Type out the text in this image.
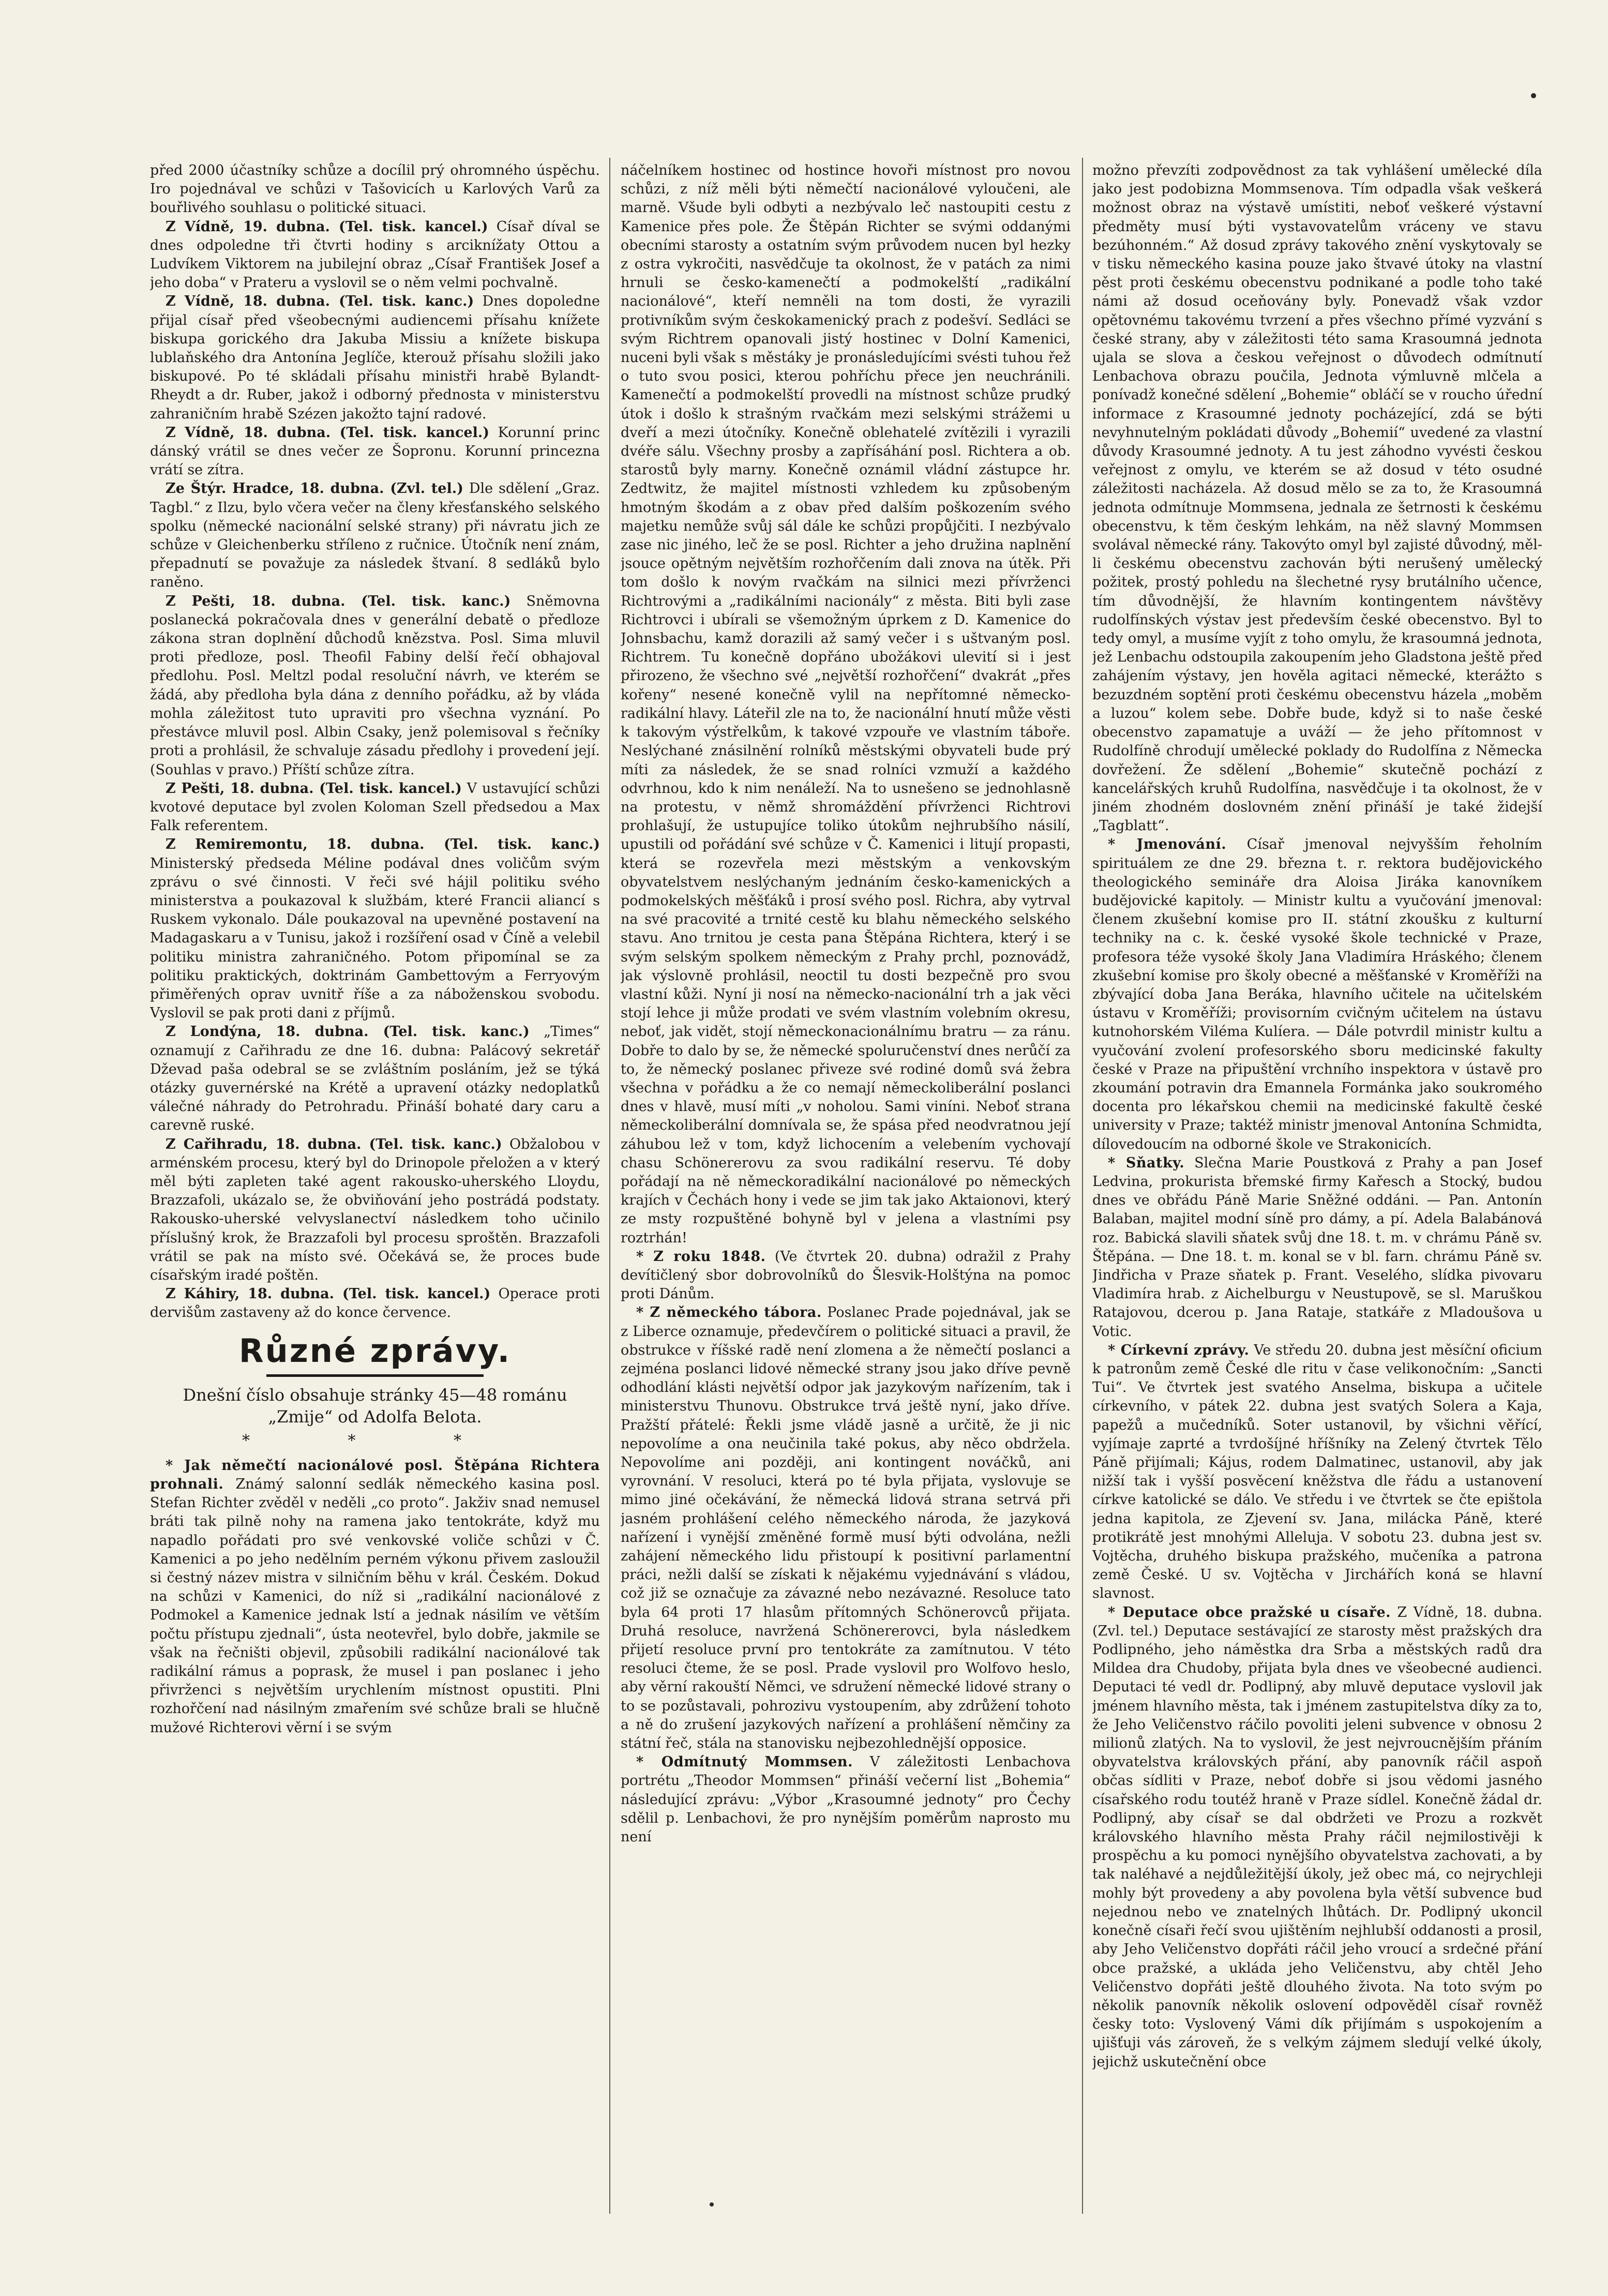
před 2000 účastníky schůze a docílil prý ohromného úspěchu. Iro pojednával ve schůzi v Tašovicích u Karlových Varů za bouřlivého souhlasu o politické situaci.

Z Vídně, 19. dubna. (Tel. tisk. kancel.) Císař díval se dnes odpoledne tři čtvrti hodiny s arciknížaty Ottou a Ludvíkem Viktorem na jubilejní obraz „Císař František Josef a jeho doba“ v Prateru a vyslovil se o něm velmi pochvalně.

Z Vídně, 18. dubna. (Tel. tisk. kanc.) Dnes dopoledne přijal císař před všeobecnými audiencemi přísahu knížete biskupa gorického dra Jakuba Missiu a knížete biskupa lublaňského dra Antonína Jeglíče, kterouž přísahu složili jako biskupové. Po té skládali přísahu ministři hrabě Bylandt-Rheydt a dr. Ruber, jakož i odborný přednosta v ministerstvu zahraničním hrabě Szézen jakožto tajní radové.

Z Vídně, 18. dubna. (Tel. tisk. kancel.) Korunní princ dánský vrátil se dnes večer ze Šopronu. Korunní princezna vrátí se zítra.

Ze Štýr. Hradce, 18. dubna. (Zvl. tel.) Dle sdělení „Graz. Tagbl.“ z Ilzu, bylo včera večer na členy křesťanského selského spolku (německé nacionální selské strany) při návratu jich ze schůze v Gleichenberku stříleno z ručnice. Útočník není znám, přepadnutí se považuje za následek štvaní. 8 sedláků bylo raněno.

Z Pešti, 18. dubna. (Tel. tisk. kanc.) Sněmovna poslanecká pokračovala dnes v generální debatě o předloze zákona stran doplnění důchodů knězstva. Posl. Sima mluvil proti předloze, posl. Theofil Fabiny delší řečí obhajoval předlohu. Posl. Meltzl podal resoluční návrh, ve kterém se žádá, aby předloha byla dána z denního pořádku, až by vláda mohla záležitost tuto upraviti pro všechna vyznání. Po přestávce mluvil posl. Albin Csaky, jenž polemisoval s řečníky proti a prohlásil, že schvaluje zásadu předlohy i provedení její. (Souhlas v pravo.) Příští schůze zítra.

Z Pešti, 18. dubna. (Tel. tisk. kancel.) V ustavující schůzi kvotové deputace byl zvolen Koloman Szell předsedou a Max Falk referentem.

Z Remiremontu, 18. dubna. (Tel. tisk. kanc.) Ministerský předseda Méline podával dnes voličům svým zprávu o své činnosti. V řeči své hájil politiku svého ministerstva a poukazoval k službám, které Francii aliancí s Ruskem vykonalo. Dále poukazoval na upevněné postavení na Madagaskaru a v Tunisu, jakož i rozšíření osad v Číně a velebil politiku ministra zahraničného. Potom připomínal se za politiku praktických, doktrinám Gambettovým a Ferryovým přiměřených oprav uvnitř říše a za náboženskou svobodu. Vyslovil se pak proti dani z příjmů.

Z Londýna, 18. dubna. (Tel. tisk. kanc.) „Times“ oznamují z Cařihradu ze dne 16. dubna: Palácový sekretář Dževad paša odebral se se zvláštním posláním, jež se týká otázky guvernérské na Krétě a upravení otázky nedoplatků válečné náhrady do Petrohradu. Přináší bohaté dary caru a carevně ruské.

Z Cařihradu, 18. dubna. (Tel. tisk. kanc.) Obžalobou v arménském procesu, který byl do Drinopole přeložen a v který měl býti zapleten také agent rakousko-uherského Lloydu, Brazzafoli, ukázalo se, že obviňování jeho postrádá podstaty. Rakousko-uherské velvyslanectví následkem toho učinilo příslušný krok, že Brazzafoli byl procesu sproštěn. Brazzafoli vrátil se pak na místo své. Očekává se, že proces bude císařským iradé poštěn.

Z Káhiry, 18. dubna. (Tel. tisk. kancel.) Operace proti dervišům zastaveny až do konce července.

Různé zprávy.
Dnešní číslo obsahuje stránky 45—48 románu „Zmije“ od Adolfa Belota.
* * *

* Jak němečtí nacionálové posl. Štěpána Richtera prohnali. Známý salonní sedlák německého kasina posl. Stefan Richter zvěděl v neděli „co proto“. Jakživ snad nemusel bráti tak pilně nohy na ramena jako tentokráte, když mu napadlo pořádati pro své venkovské voliče schůzi v Č. Kamenici a po jeho nedělním perném výkonu přivem zasloužil si čestný název mistra v silničním běhu v král. Českém. Dokud na schůzi v Kamenici, do níž si „radikální nacionálové z Podmokel a Kamenice jednak lstí a jednak násilím ve větším počtu přístupu zjednali“, ústa neotevřel, bylo dobře, jakmile se však na řečništi objevil, způsobili radikální nacionálové tak radikální rámus a poprask, že musel i pan poslanec i jeho přivrženci s největším urychlením místnost opustiti. Plni rozhořčení nad násilným zmařením své schůze brali se hlučně mužové Richterovi věrní i se svým

náčelníkem hostinec od hostince hovoři místnost pro novou schůzi, z níž měli býti němečtí nacionálové vyloučeni, ale marně. Všude byli odbyti a nezbývalo leč nastoupiti cestu z Kamenice přes pole. Že Štěpán Richter se svými oddanými obecními starosty a ostatním svým průvodem nucen byl hezky z ostra vykročiti, nasvědčuje ta okolnost, že v patách za nimi hrnuli se česko-kamenečtí a podmokelští „radikální nacionálové“, kteří nemněli na tom dosti, že vyrazili protivníkům svým českokamenický prach z podešví. Sedláci se svým Richtrem opanovali jistý hostinec v Dolní Kamenici, nuceni byli však s městáky je pronásledujícími svésti tuhou řež o tuto svou posici, kterou pohříchu přece jen neuchránili. Kamenečtí a podmokelští provedli na místnost schůze prudký útok i došlo k strašným rvačkám mezi selskými strážemi u dveří a mezi útočníky. Konečně oblehatelé zvítězili i vyrazili dvéře sálu. Všechny prosby a zapřísáhání posl. Richtera a ob. starostů byly marny. Konečně oznámil vládní zástupce hr. Zedtwitz, že majitel místnosti vzhledem ku způsobeným hmotným škodám a z obav před dalším poškozením svého majetku nemůže svůj sál dále ke schůzi propůjčiti. I nezbývalo zase nic jiného, leč že se posl. Richter a jeho družina naplnění jsouce opětným největším rozhořčením dali znova na útěk. Při tom došlo k novým rvačkám na silnici mezi přívrženci Richtrovými a „radikálními nacionály“ z města. Biti byli zase Richtrovci i ubírali se všemožným úprkem z D. Kamenice do Johnsbachu, kamž dorazili až samý večer i s uštvaným posl. Richtrem. Tu konečně dopřáno ubožákovi ulevití si i jest přirozeno, že všechno své „největší rozhořčení“ dvakrát „přes kořeny“ nesené konečně vylil na nepřítomné německo-radikální hlavy. Láteřil zle na to, že nacionální hnutí může věsti k takovým výstřelkům, k takové vzpouře ve vlastním táboře. Neslýchané znásilnění rolníků městskými obyvateli bude prý míti za následek, že se snad rolníci vzmuží a každého odvrhnou, kdo k nim nenáleží. Na to usnešeno se jednohlasně na protestu, v němž shromáždění přívrženci Richtrovi prohlašují, že ustupujíce toliko útokům nejhrubšího násilí, upustili od pořádání své schůze v Č. Kamenici i litují propasti, která se rozevřela mezi městským a venkovským obyvatelstvem neslýchaným jednáním česko-kamenických a podmokelských měšťáků i prosí svého posl. Richra, aby vytrval na své pracovité a trnité cestě ku blahu německého selského stavu. Ano trnitou je cesta pana Štěpána Richtera, který i se svým selským spolkem německým z Prahy prchl, poznovádž, jak výslovně prohlásil, neoctil tu dosti bezpečně pro svou vlastní kůži. Nyní ji nosí na německo-nacionální trh a jak věci stojí lehce ji může prodati ve svém vlastním volebním okresu, neboť, jak vidět, stojí německonacionálnímu bratru — za ránu. Dobře to dalo by se, že německé spoluručenství dnes nerůčí za to, že německý poslanec přiveze své rodiné domů svá žebra všechna v pořádku a že co nemají německoliberální poslanci dnes v hlavě, musí míti „v noholou. Sami viníni. Neboť strana německoliberální domnívala se, že spása před neodvratnou její záhubou lež v tom, když lichocením a velebením vychovají chasu Schönererovu za svou radikální reservu. Té doby pořádají na ně německoradikální nacionálové po německých krajích v Čechách hony i vede se jim tak jako Aktaionovi, který ze msty rozpuštěné bohyně byl v jelena a vlastními psy roztrhán!

* Z roku 1848. (Ve čtvrtek 20. dubna) odražil z Prahy devítičlený sbor dobrovolníků do Šlesvik-Holštýna na pomoc proti Dánům.

* Z německého tábora. Poslanec Prade pojednával, jak se z Liberce oznamuje, předevčírem o politické situaci a pravil, že obstrukce v říšské radě není zlomena a že němečtí poslanci a zejména poslanci lidové německé strany jsou jako dříve pevně odhodlání klásti největší odpor jak jazykovým nařízením, tak i ministerstvu Thunovu. Obstrukce trvá ještě nyní, jako dříve. Pražští přátelé: Řekli jsme vládě jasně a určitě, že ji nic nepovolíme a ona neučinila také pokus, aby něco obdržela. Nepovolíme ani později, ani kontingent nováčků, ani vyrovnání. V resoluci, která po té byla přijata, vyslovuje se mimo jiné očekávání, že německá lidová strana setrvá při jasném prohlášení celého německého národa, že jazyková nařízení i vynější změněné formě musí býti odvolána, nežli zahájení německého lidu přistoupí k positivní parlamentní práci, nežli další se získati k nějakému vyjednávání s vládou, což již se označuje za závazné nebo nezávazné. Resoluce tato byla 64 proti 17 hlasům přítomných Schönerovců přijata. Druhá resoluce, navržená Schönererovci, byla následkem přijetí resoluce první pro tentokráte za zamítnutou. V této resoluci čteme, že se posl. Prade vyslovil pro Wolfovo heslo, aby věrní rakouští Němci, ve sdružení německé lidové strany o to se pozůstavali, pohrozivu vystoupením, aby zdrůžení tohoto a ně do zrušení jazykových nařízení a prohlášení němčiny za státní řeč, stála na stanovisku nejbezohlednější opposice.

* Odmítnutý Mommsen. V záležitosti Lenbachova portrétu „Theodor Mommsen“ přináší večerní list „Bohemia“ následující zprávu: „Výbor „Krasoumné jednoty“ pro Čechy sdělil p. Lenbachovi, že pro nynějším poměrům naprosto mu není

možno převzíti zodpovědnost za tak vyhlášení umělecké díla jako jest podobizna Mommsenova. Tím odpadla však veškerá možnost obraz na výstavě umístiti, neboť veškeré výstavní předměty musí býti vystavovatelům vráceny ve stavu bezúhonném.“ Až dosud zprávy takového znění vyskytovaly se v tisku německého kasina pouze jako štvavé útoky na vlastní pěst proti českému obecenstvu podnikané a podle toho také námi až dosud oceňovány byly. Ponevadž však vzdor opětovnému takovému tvrzení a přes všechno přímé vyzvání s české strany, aby v záležitosti této sama Krasoumná jednota ujala se slova a českou veřejnost o důvodech odmítnutí Lenbachova obrazu poučila, Jednota výmluvně mlčela a ponívadž konečné sdělení „Bohemie“ obláčí se v roucho úřední informace z Krasoumné jednoty pocházející, zdá se býti nevyhnutelným pokládati důvody „Bohemií“ uvedené za vlastní důvody Krasoumné jednoty. A tu jest záhodno vyvésti českou veřejnost z omylu, ve kterém se až dosud v této osudné záležitosti nacházela. Až dosud mělo se za to, že Krasoumná jednota odmítnuje Mommsena, jednala ze šetrnosti k českému obecenstvu, k těm českým lehkám, na něž slavný Mommsen svolával německé rány. Takovýto omyl byl zajisté důvodný, měl-li českému obecenstvu zachován býti nerušený umělecký požitek, prostý pohledu na šlechetné rysy brutálního učence, tím důvodnější, že hlavním kontingentem návštěvy rudolfínských výstav jest především české obecenstvo. Byl to tedy omyl, a musíme vyjít z toho omylu, že krasoumná jednota, jež Lenbachu odstoupila zakoupením jeho Gladstona ještě před zahájením výstavy, jen hověla agitaci německé, kterážto s bezuzdném soptění proti českému obecenstvu házela „moběm a luzou“ kolem sebe. Dobře bude, když si to naše české obecenstvo zapamatuje a uváží — že jeho přítomnost v Rudolfíně chrodují umělecké poklady do Rudolfína z Německa dovřežení. Že sdělení „Bohemie“ skutečně pochází z kancelářských kruhů Rudolfína, nasvědčuje i ta okolnost, že v jiném zhodném doslovném znění přináší je také židejší „Tagblatt“.

* Jmenování. Císař jmenoval nejvyšším řeholním spirituálem ze dne 29. března t. r. rektora budějovického theologického semináře dra Aloisa Jiráka kanovníkem budějovické kapitoly. — Ministr kultu a vyučování jmenoval: členem zkušební komise pro II. státní zkoušku z kulturní techniky na c. k. české vysoké škole technické v Praze, profesora téže vysoké školy Jana Vladimíra Hráského; členem zkušební komise pro školy obecné a měšťanské v Kroměříži na zbývající doba Jana Beráka, hlavního učitele na učitelském ústavu v Kroměříži; provisorním cvičným učitelem na ústavu kutnohorském Viléma Kulíera. — Dále potvrdil ministr kultu a vyučování zvolení profesorského sboru medicinské fakulty české v Praze na připuštění vrchního inspektora v ústavě pro zkoumání potravin dra Emannela Formánka jako soukromého docenta pro lékařskou chemii na medicinské fakultě české university v Praze; taktéž ministr jmenoval Antonína Schmidta, dílovedoucím na odborné škole ve Strakonicích.

* Sňatky. Slečna Marie Poustková z Prahy a pan Josef Ledvina, prokurista břemské firmy Kařesch a Stocký, budou dnes ve obřádu Páně Marie Sněžné oddáni. — Pan. Antonín Balaban, majitel modní síně pro dámy, a pí. Adela Balabánová roz. Babická slavili sňatek svůj dne 18. t. m. v chrámu Páně sv. Štěpána. — Dne 18. t. m. konal se v bl. farn. chrámu Páně sv. Jindřicha v Praze sňatek p. Frant. Veselého, slídka pivovaru Vladimíra hrab. z Aichelburgu v Neustupově, se sl. Maruškou Ratajovou, dcerou p. Jana Rataje, statkáře z Mladoušova u Votic.

* Církevní zprávy. Ve středu 20. dubna jest měsíční oficium k patronům země České dle ritu v čase velikonočním: „Sancti Tui“. Ve čtvrtek jest svatého Anselma, biskupa a učitele církevního, v pátek 22. dubna jest svatých Solera a Kaja, papežů a mučedníků. Soter ustanovil, by všichni věřící, vyjímaje zaprté a tvrdošíjné hříšníky na Zelený čtvrtek Tělo Páně přijímali; Kájus, rodem Dalmatinec, ustanovil, aby jak nižší tak i vyšší posvěcení kněžstva dle řádu a ustanovení církve katolické se dálo. Ve středu i ve čtvrtek se čte epištola jedna kapitola, ze Zjevení sv. Jana, milácka Páně, které protikrátě jest mnohými Alleluja. V sobotu 23. dubna jest sv. Vojtěcha, druhého biskupa pražského, mučeníka a patrona země České. U sv. Vojtěcha v Jirchářích koná se hlavní slavnost.

* Deputace obce pražské u císaře. Z Vídně, 18. dubna. (Zvl. tel.) Deputace sestávající ze starosty měst pražských dra Podlipného, jeho náměstka dra Srba a městských radů dra Mildea dra Chudoby, přijata byla dnes ve všeobecné audienci. Deputaci té vedl dr. Podlipný, aby mluvě deputace vyslovil jak jménem hlavního města, tak i jménem zastupitelstva díky za to, že Jeho Veličenstvo ráčilo povoliti jeleni subvence v obnosu 2 milionů zlatých. Na to vyslovil, že jest nejvroucnějším přáním obyvatelstva královských přání, aby panovník ráčil aspoň občas sídliti v Praze, neboť dobře si jsou vědomi jasného císařského rodu toutéž hraně v Praze sídlel. Konečně žádal dr. Podlipný, aby císař se dal obdržeti ve Prozu a rozkvět královského hlavního města Prahy ráčil nejmilostivěji k prospěchu a ku pomoci nynějšího obyvatelstva zachovati, a by tak naléhavé a nejdůležitější úkoly, jež obec má, co nejrychleji mohly být provedeny a aby povolena byla větší subvence bud nejednou nebo ve znatelných lhůtách. Dr. Podlipný ukoncil konečně císaři řečí svou ujištěním nejhlubší oddanosti a prosil, aby Jeho Veličenstvo dopřáti ráčil jeho vroucí a srdečné přání obce pražské, a ukláda jeho Veličenstvu, aby chtěl Jeho Veličenstvo dopřáti ještě dlouhého života. Na toto svým po několik panovník několik oslovení odpověděl císař rovněž česky toto: Vyslovený Vámi dík přijímám s uspokojením a ujišťuji vás zároveň, že s velkým zájmem sledují velké úkoly, jejichž uskutečnění obce
